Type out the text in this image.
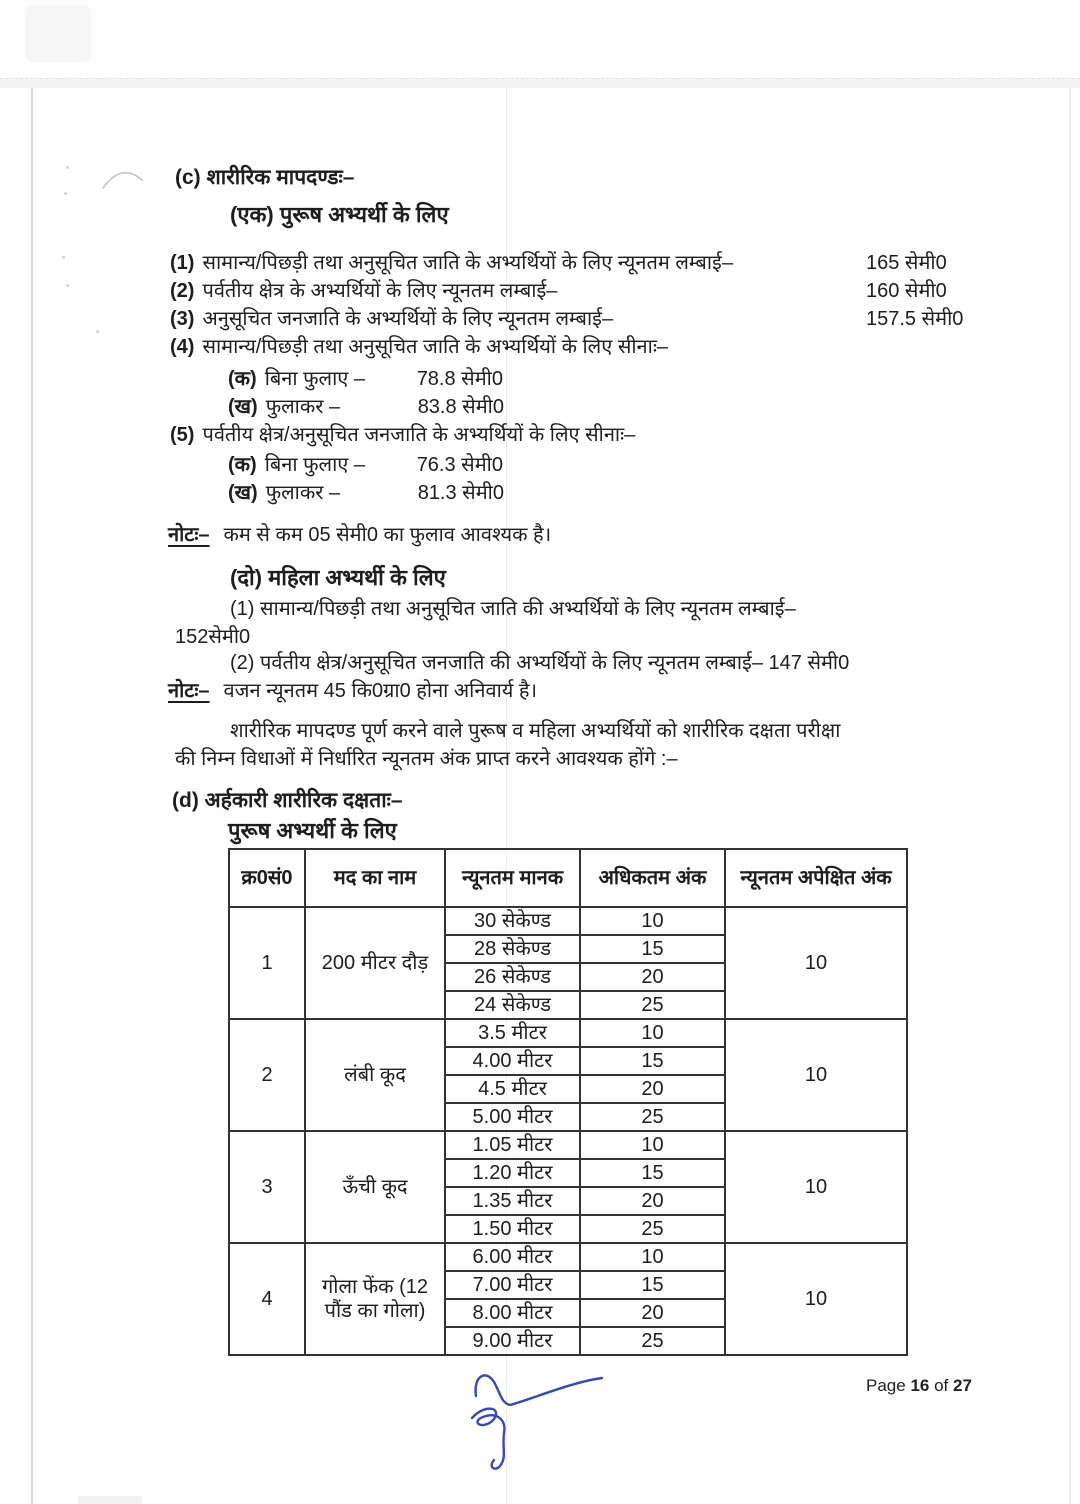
(c) शारीरिक मापदण्डः–
(एक) पुरूष अभ्यर्थी के लिए
(1) सामान्य/पिछड़ी तथा अनुसूचित जाति के अभ्यर्थियों के लिए न्यूनतम लम्बाई–	165 सेमी0
(2) पर्वतीय क्षेत्र के अभ्यर्थियों के लिए न्यूनतम लम्बाई–	160 सेमी0
(3) अनुसूचित जनजाति के अभ्यर्थियों के लिए न्यूनतम लम्बाई–	157.5 सेमी0
(4) सामान्य/पिछड़ी तथा अनुसूचित जाति के अभ्यर्थियों के लिए सीनाः–
(क) बिना फुलाए –	78.8 सेमी0
(ख) फुलाकर –	83.8 सेमी0
(5) पर्वतीय क्षेत्र/अनुसूचित जनजाति के अभ्यर्थियों के लिए सीनाः–
(क) बिना फुलाए –	76.3 सेमी0
(ख) फुलाकर –	81.3 सेमी0
नोटः– कम से कम 05 सेमी0 का फुलाव आवश्यक है।
(दो) महिला अभ्यर्थी के लिए
(1) सामान्य/पिछड़ी तथा अनुसूचित जाति की अभ्यर्थियों के लिए न्यूनतम लम्बाई–
152सेमी0
(2) पर्वतीय क्षेत्र/अनुसूचित जनजाति की अभ्यर्थियों के लिए न्यूनतम लम्बाई– 147 सेमी0
नोटः– वजन न्यूनतम 45 कि0ग्रा0 होना अनिवार्य है।
शारीरिक मापदण्ड पूर्ण करने वाले पुरूष व महिला अभ्यर्थियों को शारीरिक दक्षता परीक्षा
की निम्न विधाओं में निर्धारित न्यूनतम अंक प्राप्त करने आवश्यक होंगे :–
(d) अर्हकारी शारीरिक दक्षताः–
पुरूष अभ्यर्थी के लिए
क्र0सं0	मद का नाम	न्यूनतम मानक	अधिकतम अंक	न्यूनतम अपेक्षित अंक
1	200 मीटर दौड़	30 सेकेण्ड	10	10
		28 सेकेण्ड	15	
		26 सेकेण्ड	20	
		24 सेकेण्ड	25	
2	लंबी कूद	3.5 मीटर	10	10
		4.00 मीटर	15	
		4.5 मीटर	20	
		5.00 मीटर	25	
3	ऊँची कूद	1.05 मीटर	10	10
		1.20 मीटर	15	
		1.35 मीटर	20	
		1.50 मीटर	25	
4	गोला फेंक (12 पौंड का गोला)	6.00 मीटर	10	10
		7.00 मीटर	15	
		8.00 मीटर	20	
		9.00 मीटर	25	
Page 16 of 27
